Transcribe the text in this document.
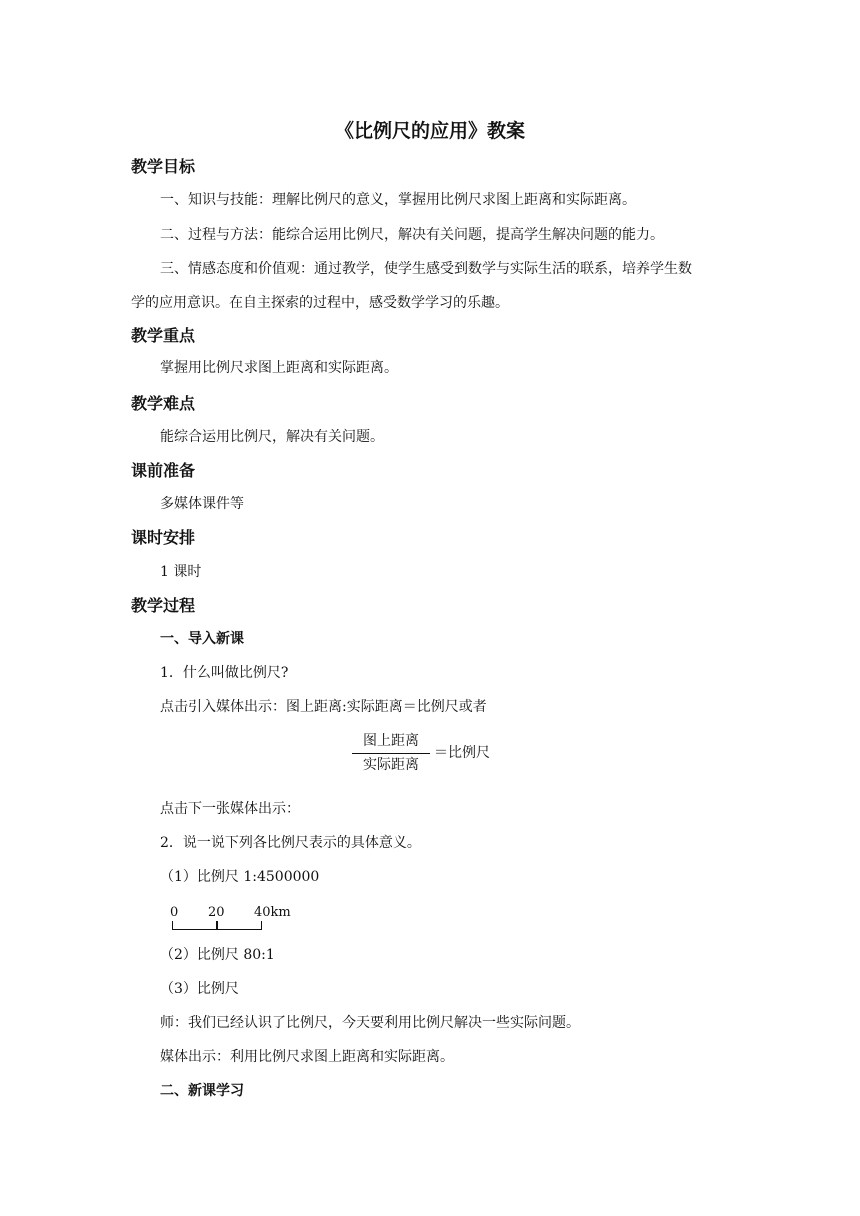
《比例尺的应用》教案
教学目标
一、知识与技能：理解比例尺的意义，掌握用比例尺求图上距离和实际距离。
二、过程与方法：能综合运用比例尺，解决有关问题，提高学生解决问题的能力。
三、情感态度和价值观：通过教学，使学生感受到数学与实际生活的联系，培养学生数
学的应用意识。在自主探索的过程中，感受数学学习的乐趣。
教学重点
掌握用比例尺求图上距离和实际距离。
教学难点
能综合运用比例尺，解决有关问题。
课前准备
多媒体课件等
课时安排
1 课时
教学过程
一、导入新课
1．什么叫做比例尺?
点击引入媒体出示：图上距离:实际距离＝比例尺或者
图上距离
实际距离
＝比例尺
点击下一张媒体出示：
2．说一说下列各比例尺表示的具体意义。
（1）比例尺 1:4500000
0 20 40km
（2）比例尺 80:1
（3）比例尺
师：我们已经认识了比例尺，今天要利用比例尺解决一些实际问题。
媒体出示：利用比例尺求图上距离和实际距离。
二、新课学习
